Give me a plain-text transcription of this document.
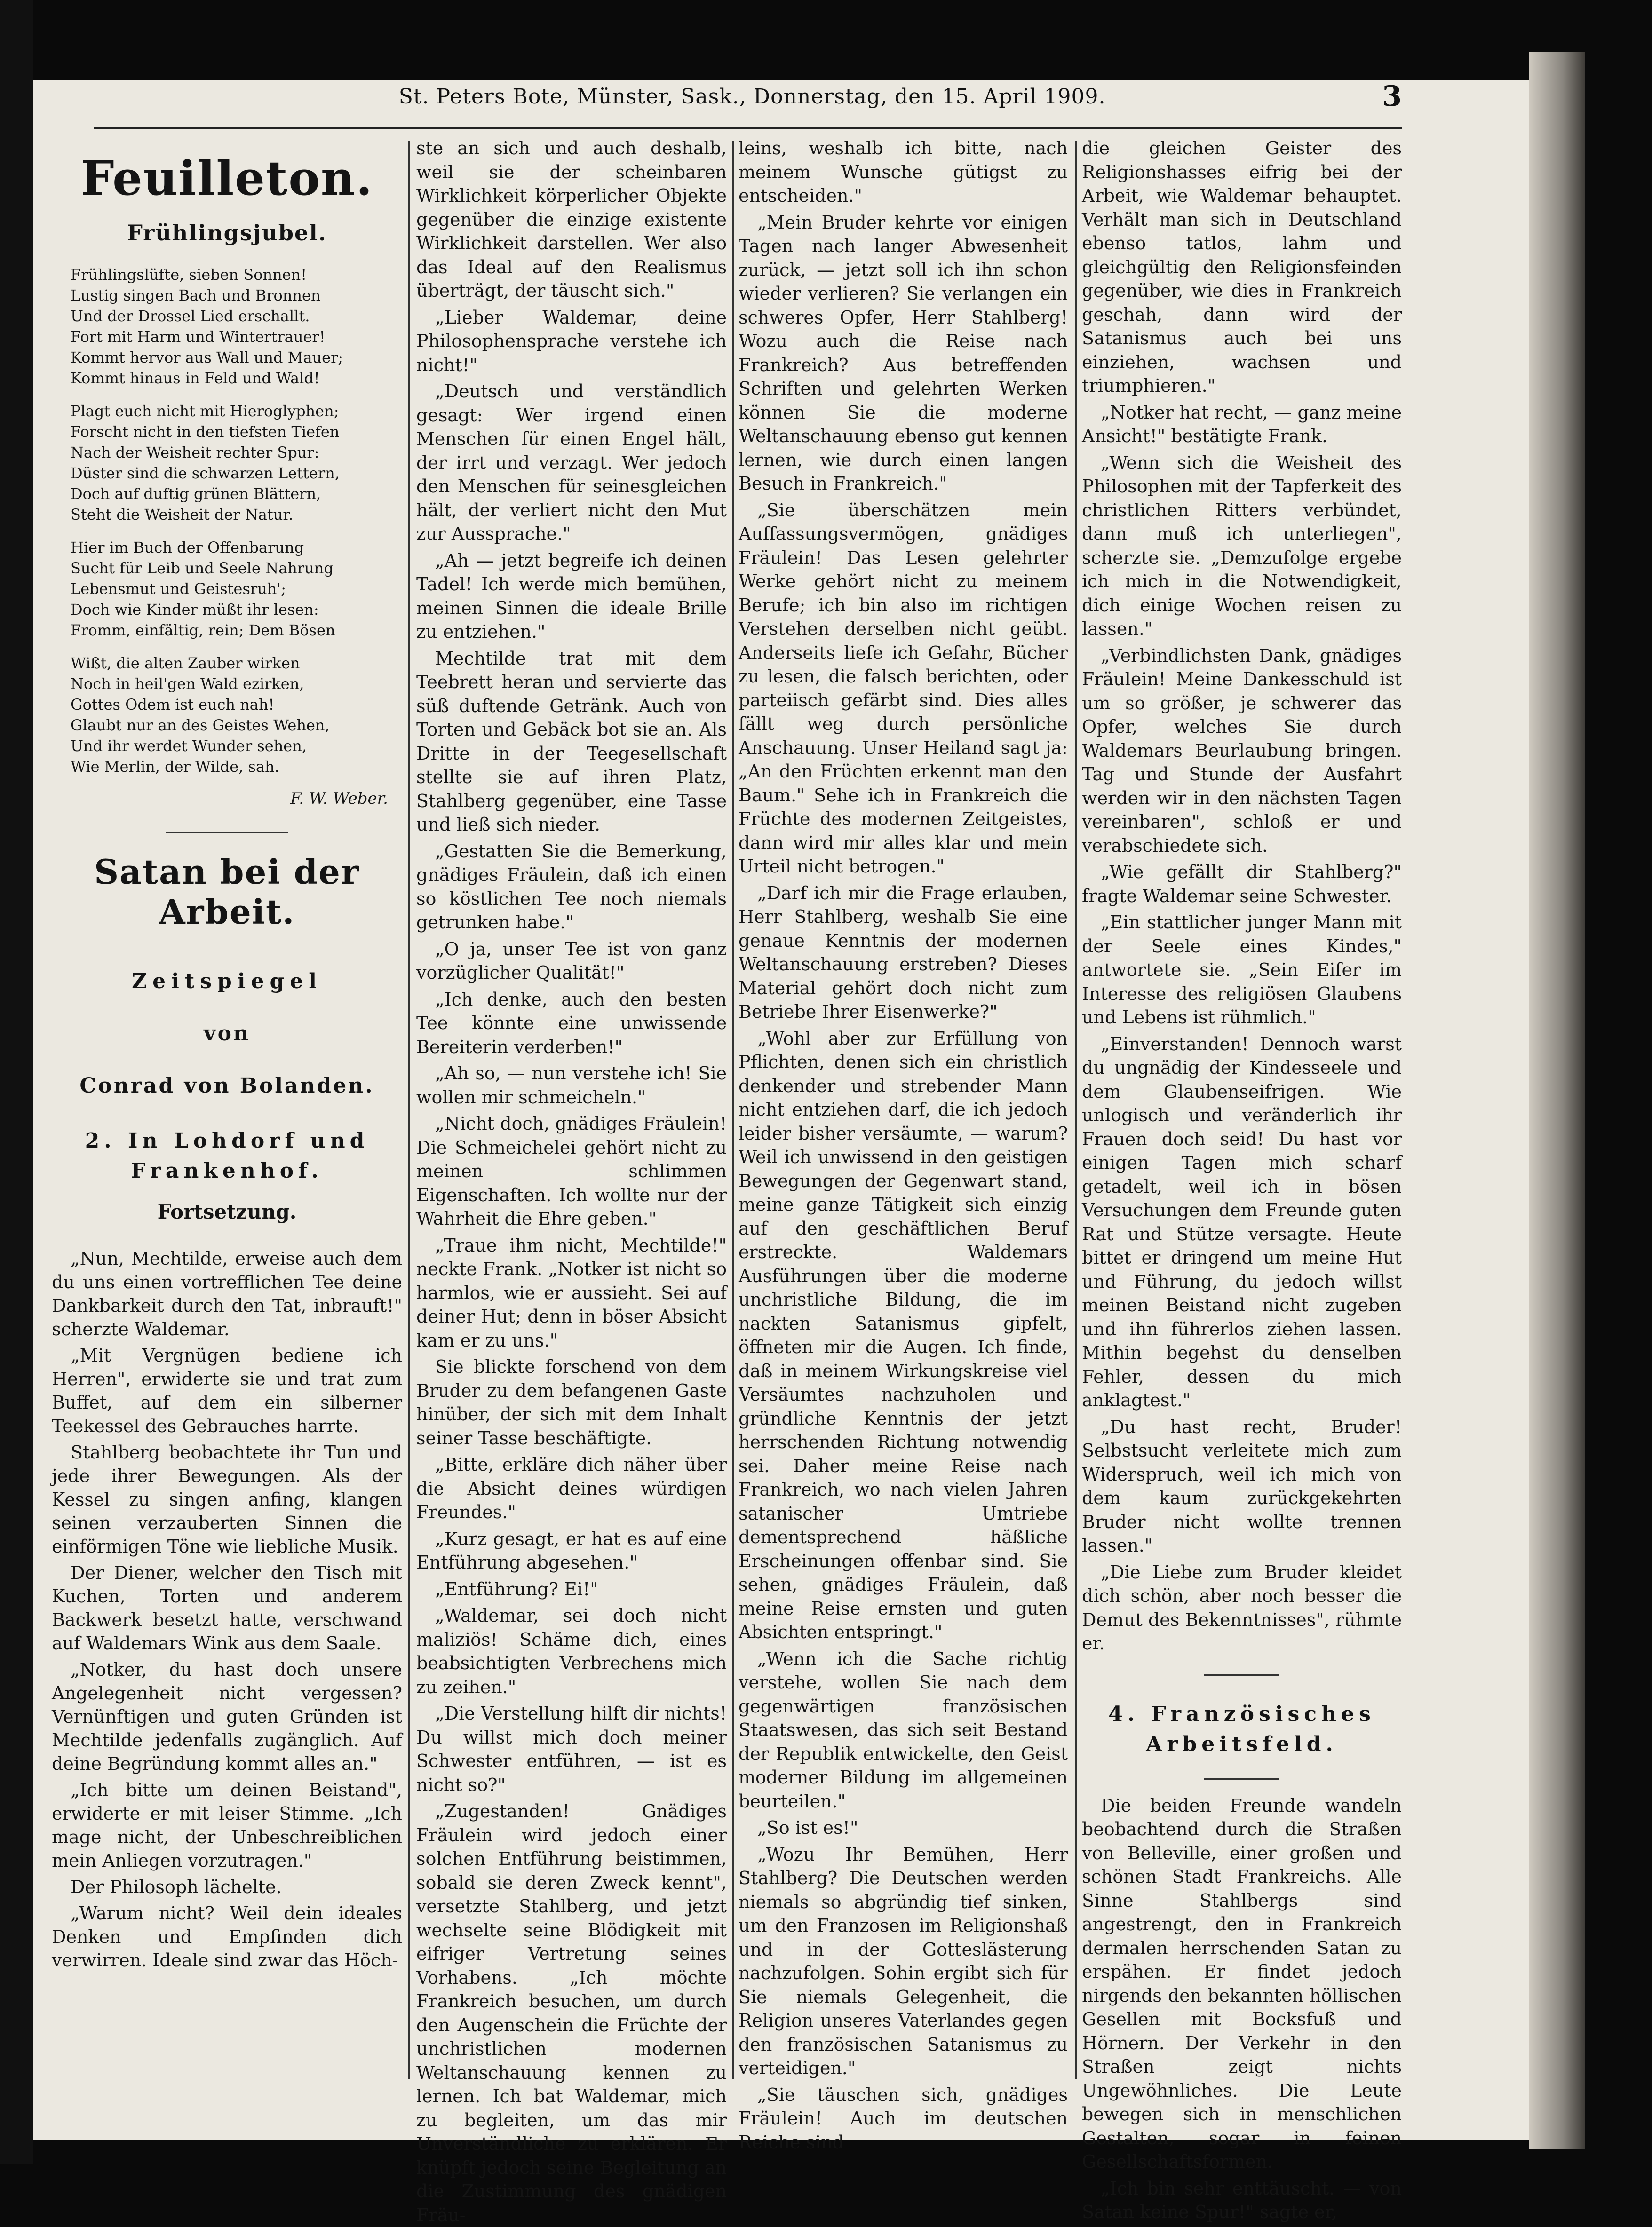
St. Peters Bote, Münster, Sask., Donnerstag, den 15. April 1909.	3
Feuilleton.
Frühlingsjubel.

Frühlingslüfte, sieben Sonnen!

Lustig singen Bach und Bronnen

Und der Drossel Lied erschallt.

Fort mit Harm und Wintertrauer!

Kommt hervor aus Wall und Mauer;

Kommt hinaus in Feld und Wald!

Plagt euch nicht mit Hieroglyphen;

Forscht nicht in den tiefsten Tiefen

Nach der Weisheit rechter Spur:

Düster sind die schwarzen Lettern,

Doch auf duftig grünen Blättern,

Steht die Weisheit der Natur.

Hier im Buch der Offenbarung

Sucht für Leib und Seele Nahrung

Lebensmut und Geistesruh';

Doch wie Kinder müßt ihr lesen:

Fromm, einfältig, rein; Dem Bösen

Wißt, die alten Zauber wirken

Noch in heil'gen Wald ezirken,

Gottes Odem ist euch nah!

Glaubt nur an des Geistes Wehen,

Und ihr werdet Wunder sehen,

Wie Merlin, der Wilde, sah.

F. W. Weber.
Satan bei der Arbeit.
Zeitspiegel
von
Conrad von Bolanden.
2. In Lohdorf und Frankenhof.
Fortsetzung.

„Nun, Mechtilde, erweise auch dem du uns einen vortrefflichen Tee deine Dankbarkeit durch den Tat, inbrauft!" scherzte Waldemar.

„Mit Vergnügen bediene ich Herren", erwiderte sie und trat zum Buffet, auf dem ein silberner Teekessel des Gebrauches harrte.

Stahlberg beobachtete ihr Tun und jede ihrer Bewegungen. Als der Kessel zu singen anfing, klangen seinen verzauberten Sinnen die einförmigen Töne wie liebliche Musik.

Der Diener, welcher den Tisch mit Kuchen, Torten und anderem Backwerk besetzt hatte, verschwand auf Waldemars Wink aus dem Saale.

„Notker, du hast doch unsere Angelegenheit nicht vergessen? Vernünftigen und guten Gründen ist Mechtilde jedenfalls zugänglich. Auf deine Begründung kommt alles an."

„Ich bitte um deinen Beistand", erwiderte er mit leiser Stimme. „Ich mage nicht, der Unbeschreiblichen mein Anliegen vorzutragen."

Der Philosoph lächelte.

„Warum nicht? Weil dein ideales Denken und Empfinden dich verwirren. Ideale sind zwar das Höch-

ste an sich und auch deshalb, weil sie der scheinbaren Wirklichkeit körperlicher Objekte gegenüber die einzige existente Wirklichkeit darstellen. Wer also das Ideal auf den Realismus überträgt, der täuscht sich."

„Lieber Waldemar, deine Philosophensprache verstehe ich nicht!"

„Deutsch und verständlich gesagt: Wer irgend einen Menschen für einen Engel hält, der irrt und verzagt. Wer jedoch den Menschen für seinesgleichen hält, der verliert nicht den Mut zur Aussprache."

„Ah — jetzt begreife ich deinen Tadel! Ich werde mich bemühen, meinen Sinnen die ideale Brille zu entziehen."

Mechtilde trat mit dem Teebrett heran und servierte das süß duftende Getränk. Auch von Torten und Gebäck bot sie an. Als Dritte in der Teegesellschaft stellte sie auf ihren Platz, Stahlberg gegenüber, eine Tasse und ließ sich nieder.

„Gestatten Sie die Bemerkung, gnädiges Fräulein, daß ich einen so köstlichen Tee noch niemals getrunken habe."

„O ja, unser Tee ist von ganz vorzüglicher Qualität!"

„Ich denke, auch den besten Tee könnte eine unwissende Bereiterin verderben!"

„Ah so, — nun verstehe ich! Sie wollen mir schmeicheln."

„Nicht doch, gnädiges Fräulein! Die Schmeichelei gehört nicht zu meinen schlimmen Eigenschaften. Ich wollte nur der Wahrheit die Ehre geben."

„Traue ihm nicht, Mechtilde!" neckte Frank. „Notker ist nicht so harmlos, wie er aussieht. Sei auf deiner Hut; denn in böser Absicht kam er zu uns."

Sie blickte forschend von dem Bruder zu dem befangenen Gaste hinüber, der sich mit dem Inhalt seiner Tasse beschäftigte.

„Bitte, erkläre dich näher über die Absicht deines würdigen Freundes."

„Kurz gesagt, er hat es auf eine Entführung abgesehen."

„Entführung? Ei!"

„Waldemar, sei doch nicht maliziös! Schäme dich, eines beabsichtigten Verbrechens mich zu zeihen."

„Die Verstellung hilft dir nichts! Du willst mich doch meiner Schwester entführen, — ist es nicht so?"

„Zugestanden! Gnädiges Fräulein wird jedoch einer solchen Entführung beistimmen, sobald sie deren Zweck kennt", versetzte Stahlberg, und jetzt wechselte seine Blödigkeit mit eifriger Vertretung seines Vorhabens. „Ich möchte Frankreich besuchen, um durch den Augenschein die Früchte der unchristlichen modernen Weltanschauung kennen zu lernen. Ich bat Waldemar, mich zu begleiten, um das mir Unverständliche zu erklären. Er knüpft jedoch seine Begleitung an die Zustimmung des gnädigen Fräu-

leins, weshalb ich bitte, nach meinem Wunsche gütigst zu entscheiden."

„Mein Bruder kehrte vor einigen Tagen nach langer Abwesenheit zurück, — jetzt soll ich ihn schon wieder verlieren? Sie verlangen ein schweres Opfer, Herr Stahlberg! Wozu auch die Reise nach Frankreich? Aus betreffenden Schriften und gelehrten Werken können Sie die moderne Weltanschauung ebenso gut kennen lernen, wie durch einen langen Besuch in Frankreich."

„Sie überschätzen mein Auffassungsvermögen, gnädiges Fräulein! Das Lesen gelehrter Werke gehört nicht zu meinem Berufe; ich bin also im richtigen Verstehen derselben nicht geübt. Anderseits liefe ich Gefahr, Bücher zu lesen, die falsch berichten, oder parteiisch gefärbt sind. Dies alles fällt weg durch persönliche Anschauung. Unser Heiland sagt ja: „An den Früchten erkennt man den Baum." Sehe ich in Frankreich die Früchte des modernen Zeitgeistes, dann wird mir alles klar und mein Urteil nicht betrogen."

„Darf ich mir die Frage erlauben, Herr Stahlberg, weshalb Sie eine genaue Kenntnis der modernen Weltanschauung erstreben? Dieses Material gehört doch nicht zum Betriebe Ihrer Eisenwerke?"

„Wohl aber zur Erfüllung von Pflichten, denen sich ein christlich denkender und strebender Mann nicht entziehen darf, die ich jedoch leider bisher versäumte, — warum? Weil ich unwissend in den geistigen Bewegungen der Gegenwart stand, meine ganze Tätigkeit sich einzig auf den geschäftlichen Beruf erstreckte. Waldemars Ausführungen über die moderne unchristliche Bildung, die im nackten Satanismus gipfelt, öffneten mir die Augen. Ich finde, daß in meinem Wirkungskreise viel Versäumtes nachzuholen und gründliche Kenntnis der jetzt herrschenden Richtung notwendig sei. Daher meine Reise nach Frankreich, wo nach vielen Jahren satanischer Umtriebe dementsprechend häßliche Erscheinungen offenbar sind. Sie sehen, gnädiges Fräulein, daß meine Reise ernsten und guten Absichten entspringt."

„Wenn ich die Sache richtig verstehe, wollen Sie nach dem gegenwärtigen französischen Staatswesen, das sich seit Bestand der Republik entwickelte, den Geist moderner Bildung im allgemeinen beurteilen."

„So ist es!"

„Wozu Ihr Bemühen, Herr Stahlberg? Die Deutschen werden niemals so abgründig tief sinken, um den Franzosen im Religionshaß und in der Gotteslästerung nachzufolgen. Sohin ergibt sich für Sie niemals Gelegenheit, die Religion unseres Vaterlandes gegen den französischen Satanismus zu verteidigen."

„Sie täuschen sich, gnädiges Fräulein! Auch im deutschen Reiche sind

die gleichen Geister des Religionshasses eifrig bei der Arbeit, wie Waldemar behauptet. Verhält man sich in Deutschland ebenso tatlos, lahm und gleichgültig den Religionsfeinden gegenüber, wie dies in Frankreich geschah, dann wird der Satanismus auch bei uns einziehen, wachsen und triumphieren."

„Notker hat recht, — ganz meine Ansicht!" bestätigte Frank.

„Wenn sich die Weisheit des Philosophen mit der Tapferkeit des christlichen Ritters verbündet, dann muß ich unterliegen", scherzte sie. „Demzufolge ergebe ich mich in die Notwendigkeit, dich einige Wochen reisen zu lassen."

„Verbindlichsten Dank, gnädiges Fräulein! Meine Dankesschuld ist um so größer, je schwerer das Opfer, welches Sie durch Waldemars Beurlaubung bringen. Tag und Stunde der Ausfahrt werden wir in den nächsten Tagen vereinbaren", schloß er und verabschiedete sich.

„Wie gefällt dir Stahlberg?" fragte Waldemar seine Schwester.

„Ein stattlicher junger Mann mit der Seele eines Kindes," antwortete sie. „Sein Eifer im Interesse des religiösen Glaubens und Lebens ist rühmlich."

„Einverstanden! Dennoch warst du ungnädig der Kindesseele und dem Glaubenseifrigen. Wie unlogisch und veränderlich ihr Frauen doch seid! Du hast vor einigen Tagen mich scharf getadelt, weil ich in bösen Versuchungen dem Freunde guten Rat und Stütze versagte. Heute bittet er dringend um meine Hut und Führung, du jedoch willst meinen Beistand nicht zugeben und ihn führerlos ziehen lassen. Mithin begehst du denselben Fehler, dessen du mich anklagtest."

„Du hast recht, Bruder! Selbstsucht verleitete mich zum Widerspruch, weil ich mich von dem kaum zurückgekehrten Bruder nicht wollte trennen lassen."

„Die Liebe zum Bruder kleidet dich schön, aber noch besser die Demut des Bekenntnisses", rühmte er.

4. Französisches Arbeitsfeld.

Die beiden Freunde wandeln beobachtend durch die Straßen von Belleville, einer großen und schönen Stadt Frankreichs. Alle Sinne Stahlbergs sind angestrengt, den in Frankreich dermalen herrschenden Satan zu erspähen. Er findet jedoch nirgends den bekannten höllischen Gesellen mit Bocksfuß und Hörnern. Der Verkehr in den Straßen zeigt nichts Ungewöhnliches. Die Leute bewegen sich in menschlichen Gestalten, sogar in feinen Gesellschaftsformen.

„Ich bin sehr enttäuscht. — von Satan keine Spur!" sagte er,
